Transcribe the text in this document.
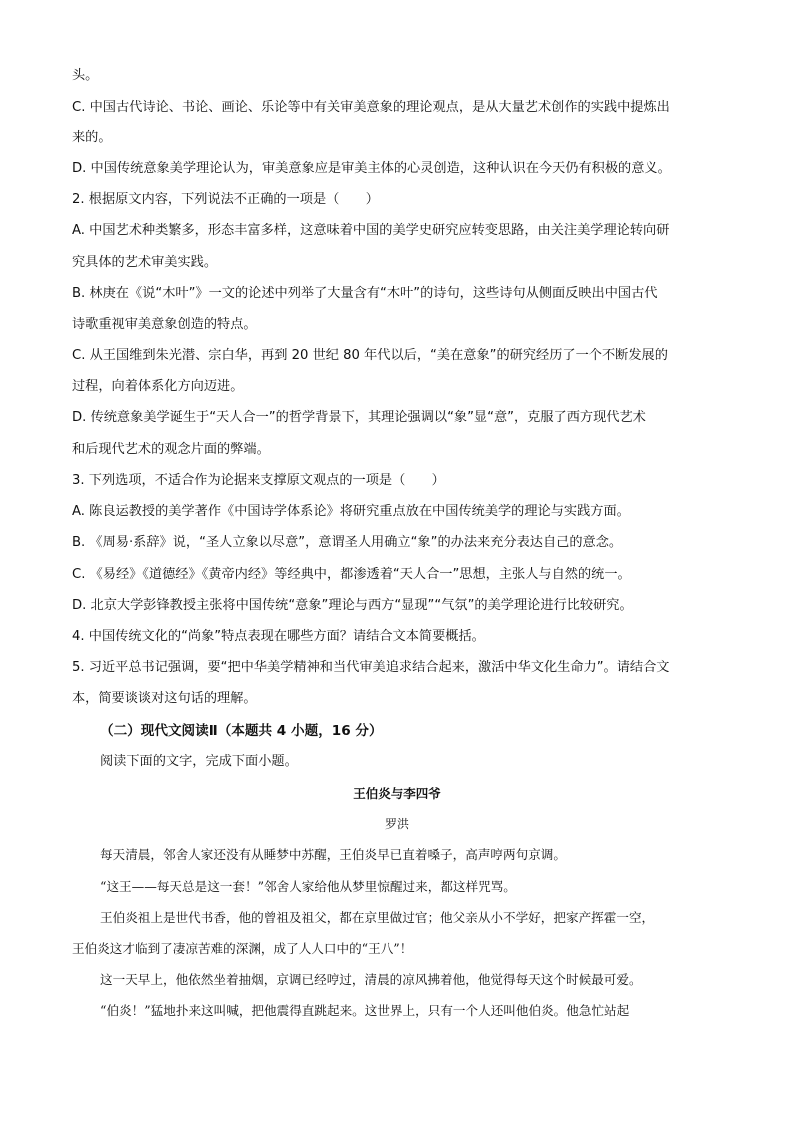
头。
C. 中国古代诗论、书论、画论、乐论等中有关审美意象的理论观点，是从大量艺术创作的实践中提炼出
来的。
D. 中国传统意象美学理论认为，审美意象应是审美主体的心灵创造，这种认识在今天仍有积极的意义。
2. 根据原文内容，下列说法不正确的一项是（　　）
A. 中国艺术种类繁多，形态丰富多样，这意味着中国的美学史研究应转变思路，由关注美学理论转向研
究具体的艺术审美实践。
B. 林庚在《说“木叶”》一文的论述中列举了大量含有“木叶”的诗句，这些诗句从侧面反映出中国古代
诗歌重视审美意象创造的特点。
C. 从王国维到朱光潜、宗白华，再到 20 世纪 80 年代以后，“美在意象”的研究经历了一个不断发展的
过程，向着体系化方向迈进。
D. 传统意象美学诞生于“天人合一”的哲学背景下，其理论强调以“象”显“意”，克服了西方现代艺术
和后现代艺术的观念片面的弊端。
3. 下列选项，不适合作为论据来支撑原文观点的一项是（　　）
A. 陈良运教授的美学著作《中国诗学体系论》将研究重点放在中国传统美学的理论与实践方面。
B. 《周易·系辞》说，“圣人立象以尽意”，意谓圣人用确立“象”的办法来充分表达自己的意念。
C. 《易经》《道德经》《黄帝内经》等经典中，都渗透着“天人合一”思想，主张人与自然的统一。
D. 北京大学彭锋教授主张将中国传统“意象”理论与西方“显现”“气氛”的美学理论进行比较研究。
4. 中国传统文化的“尚象”特点表现在哪些方面？请结合文本简要概括。
5. 习近平总书记强调，要“把中华美学精神和当代审美追求结合起来，激活中华文化生命力”。请结合文
本，简要谈谈对这句话的理解。
（二）现代文阅读Ⅱ（本题共 4 小题，16 分）
阅读下面的文字，完成下面小题。
王伯炎与李四爷
罗洪
每天清晨，邻舍人家还没有从睡梦中苏醒，王伯炎早已直着嗓子，高声哼两句京调。
“这王——每天总是这一套！”邻舍人家给他从梦里惊醒过来，都这样咒骂。
王伯炎祖上是世代书香，他的曾祖及祖父，都在京里做过官；他父亲从小不学好，把家产挥霍一空，
王伯炎这才临到了凄凉苦难的深渊，成了人人口中的“王八”！
这一天早上，他依然坐着抽烟，京调已经哼过，清晨的凉风拂着他，他觉得每天这个时候最可爱。
“伯炎！”猛地扑来这叫喊，把他震得直跳起来。这世界上，只有一个人还叫他伯炎。他急忙站起
